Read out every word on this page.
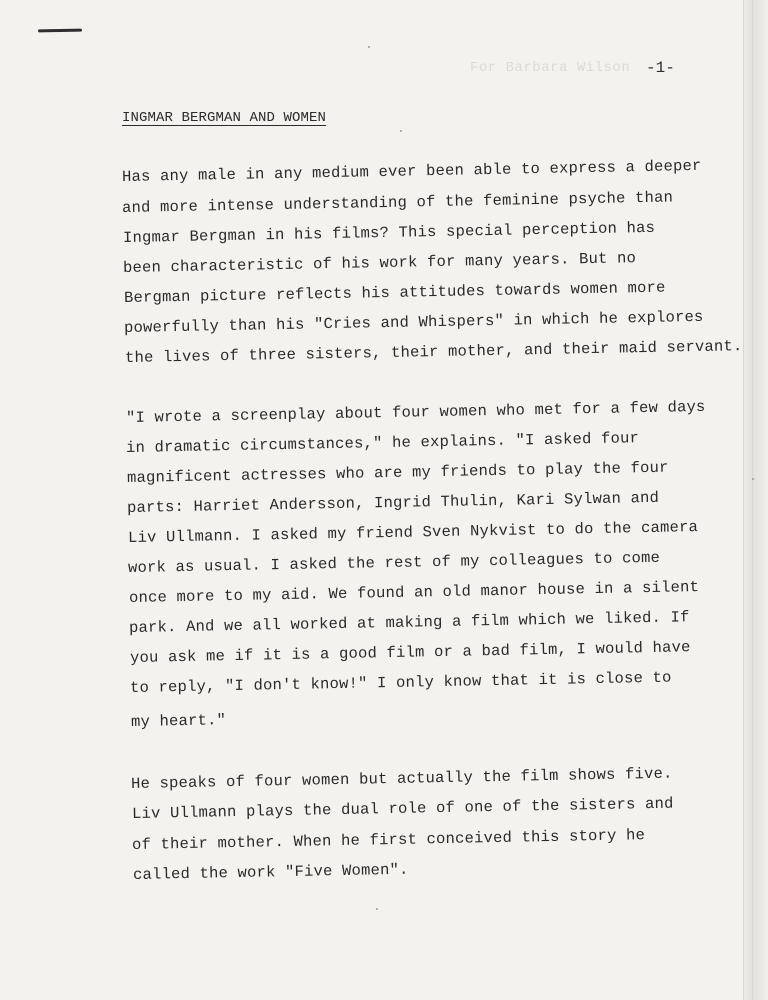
For Barbara Wilson -1-
INGMAR BERGMAN AND WOMEN
Has any male in any medium ever been able to express a deeper
and more intense understanding of the feminine psyche than
Ingmar Bergman in his films? This special perception has
been characteristic of his work for many years. But no
Bergman picture reflects his attitudes towards women more
powerfully than his "Cries and Whispers" in which he explores
the lives of three sisters, their mother, and their maid servant.
"I wrote a screenplay about four women who met for a few days
in dramatic circumstances," he explains. "I asked four
magnificent actresses who are my friends to play the four
parts: Harriet Andersson, Ingrid Thulin, Kari Sylwan and
Liv Ullmann. I asked my friend Sven Nykvist to do the camera
work as usual. I asked the rest of my colleagues to come
once more to my aid. We found an old manor house in a silent
park. And we all worked at making a film which we liked. If
you ask me if it is a good film or a bad film, I would have
to reply, "I don't know!" I only know that it is close to
my heart."
He speaks of four women but actually the film shows five.
Liv Ullmann plays the dual role of one of the sisters and
of their mother. When he first conceived this story he
called the work "Five Women".
